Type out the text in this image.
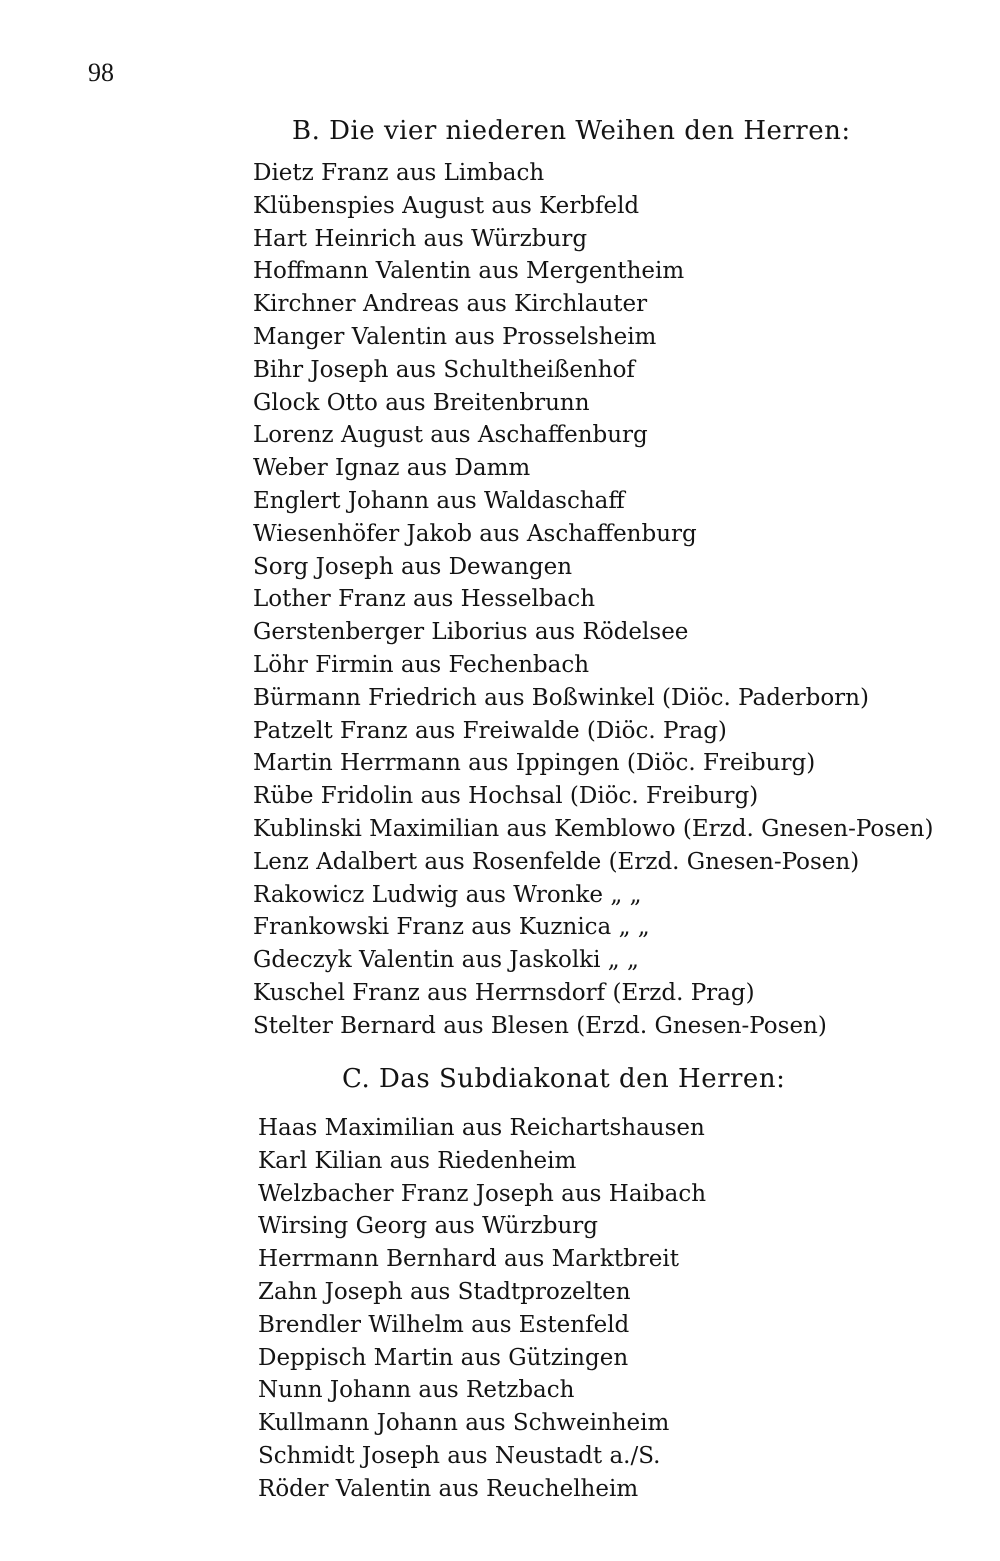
98
B. Die vier niederen Weihen den Herren:
Dietz Franz aus Limbach
Klübenspies August aus Kerbfeld
Hart Heinrich aus Würzburg
Hoffmann Valentin aus Mergentheim
Kirchner Andreas aus Kirchlauter
Manger Valentin aus Prosselsheim
Bihr Joseph aus Schultheißenhof
Glock Otto aus Breitenbrunn
Lorenz August aus Aschaffenburg
Weber Ignaz aus Damm
Englert Johann aus Waldaschaff
Wiesenhöfer Jakob aus Aschaffenburg
Sorg Joseph aus Dewangen
Lother Franz aus Hesselbach
Gerstenberger Liborius aus Rödelsee
Löhr Firmin aus Fechenbach
Bürmann Friedrich aus Boßwinkel (Diöc. Paderborn)
Patzelt Franz aus Freiwalde (Diöc. Prag)
Martin Herrmann aus Ippingen (Diöc. Freiburg)
Rübe Fridolin aus Hochsal (Diöc. Freiburg)
Kublinski Maximilian aus Kemblowo (Erzd. Gnesen-Posen)
Lenz Adalbert aus Rosenfelde (Erzd. Gnesen-Posen)
Rakowicz Ludwig aus Wronke „ „
Frankowski Franz aus Kuznica „ „
Gdeczyk Valentin aus Jaskolki „ „
Kuschel Franz aus Herrnsdorf (Erzd. Prag)
Stelter Bernard aus Blesen (Erzd. Gnesen-Posen)
C. Das Subdiakonat den Herren:
Haas Maximilian aus Reichartshausen
Karl Kilian aus Riedenheim
Welzbacher Franz Joseph aus Haibach
Wirsing Georg aus Würzburg
Herrmann Bernhard aus Marktbreit
Zahn Joseph aus Stadtprozelten
Brendler Wilhelm aus Estenfeld
Deppisch Martin aus Gützingen
Nunn Johann aus Retzbach
Kullmann Johann aus Schweinheim
Schmidt Joseph aus Neustadt a./S.
Röder Valentin aus Reuchelheim
